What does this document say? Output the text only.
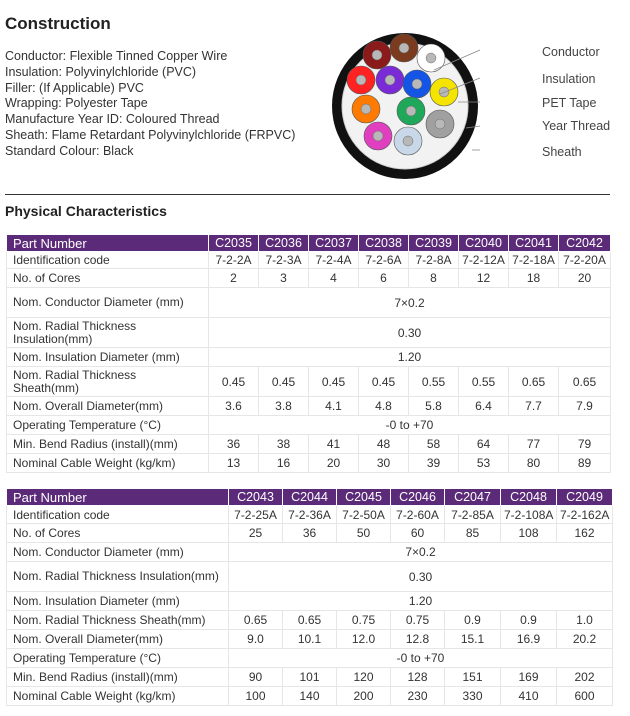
Construction
Conductor: Flexible Tinned Copper Wire
Insulation: Polyvinylchloride (PVC)
Filler: (If Applicable) PVC
Wrapping: Polyester Tape
Manufacture Year ID: Coloured Thread
Sheath: Flame Retardant Polyvinylchloride (FRPVC)
Standard Colour: Black
Conductor
Insulation
PET Tape
Year Thread
Sheath
Physical Characteristics
Part Number	C2035	C2036	C2037	C2038	C2039	C2040	C2041	C2042
Identification code	7-2-2A	7-2-3A	7-2-4A	7-2-6A	7-2-8A	7-2-12A	7-2-18A	7-2-20A
No. of Cores	2	3	4	6	8	12	18	20
Nom. Conductor Diameter (mm)	7×0.2							
Nom. Radial Thickness Insulation(mm)	0.30							
Nom. Insulation Diameter (mm)	1.20							
Nom. Radial Thickness Sheath(mm)	0.45	0.45	0.45	0.45	0.55	0.55	0.65	0.65
Nom. Overall Diameter(mm)	3.6	3.8	4.1	4.8	5.8	6.4	7.7	7.9
Operating Temperature (°C)	-0 to +70							
Min. Bend Radius (install)(mm)	36	38	41	48	58	64	77	79
Nominal Cable Weight (kg/km)	13	16	20	30	39	53	80	89
Part Number	C2043	C2044	C2045	C2046	C2047	C2048	C2049
Identification code	7-2-25A	7-2-36A	7-2-50A	7-2-60A	7-2-85A	7-2-108A	7-2-162A
No. of Cores	25	36	50	60	85	108	162
Nom. Conductor Diameter (mm)	7×0.2						
Nom. Radial Thickness Insulation(mm)	0.30						
Nom. Insulation Diameter (mm)	1.20						
Nom. Radial Thickness Sheath(mm)	0.65	0.65	0.75	0.75	0.9	0.9	1.0
Nom. Overall Diameter(mm)	9.0	10.1	12.0	12.8	15.1	16.9	20.2
Operating Temperature (°C)	-0 to +70						
Min. Bend Radius (install)(mm)	90	101	120	128	151	169	202
Nominal Cable Weight (kg/km)	100	140	200	230	330	410	600
